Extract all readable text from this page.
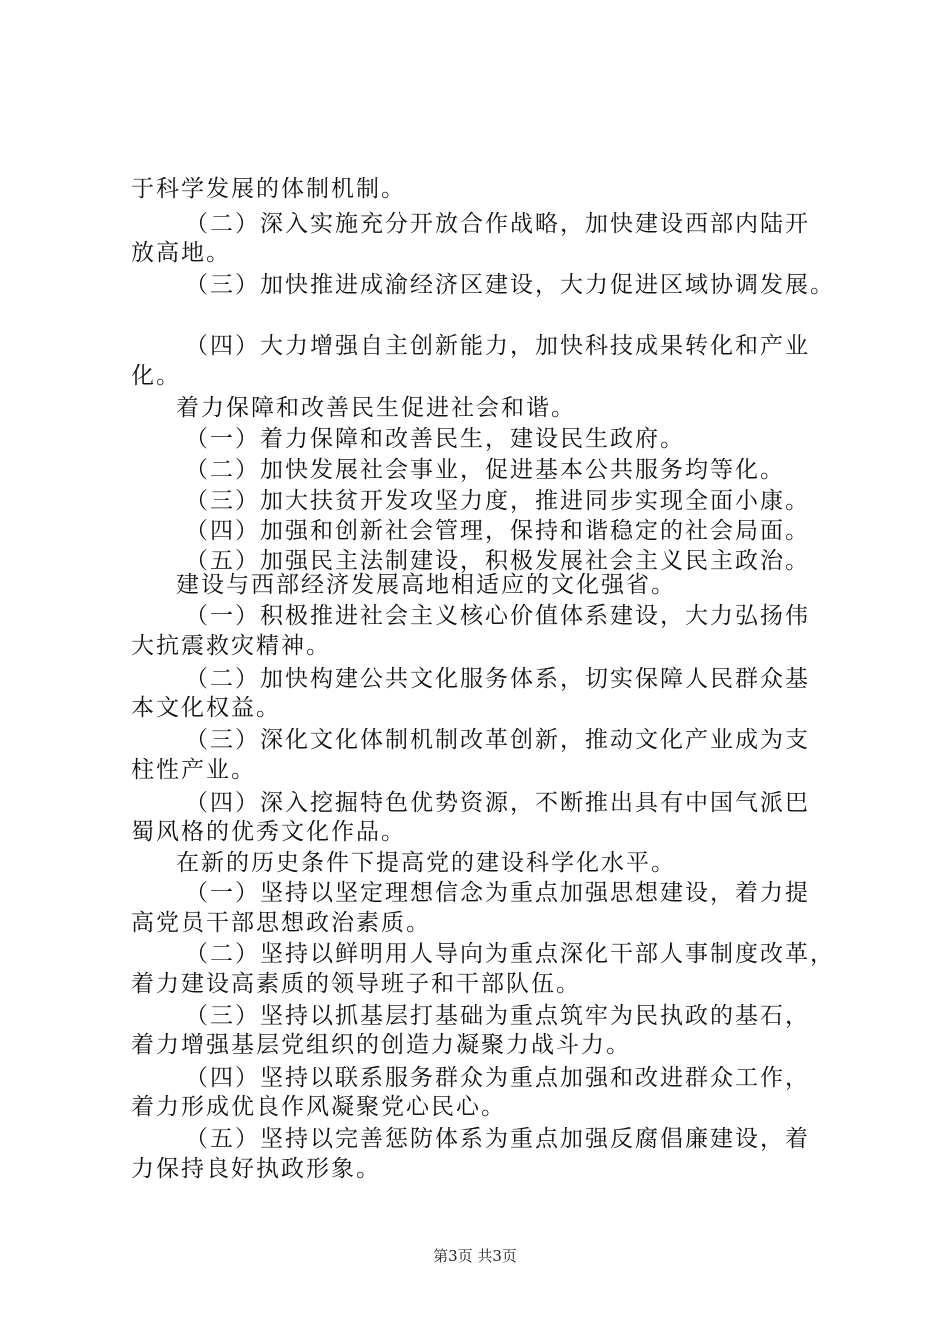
于科学发展的体制机制。
（二）深入实施充分开放合作战略，加快建设西部内陆开
放高地。
（三）加快推进成渝经济区建设，大力促进区域协调发展。
（四）大力增强自主创新能力，加快科技成果转化和产业
化。
着力保障和改善民生促进社会和谐。
（一）着力保障和改善民生，建设民生政府。
（二）加快发展社会事业，促进基本公共服务均等化。
（三）加大扶贫开发攻坚力度，推进同步实现全面小康。
（四）加强和创新社会管理，保持和谐稳定的社会局面。
（五）加强民主法制建设，积极发展社会主义民主政治。
建设与西部经济发展高地相适应的文化强省。
（一）积极推进社会主义核心价值体系建设，大力弘扬伟
大抗震救灾精神。
（二）加快构建公共文化服务体系，切实保障人民群众基
本文化权益。
（三）深化文化体制机制改革创新，推动文化产业成为支
柱性产业。
（四）深入挖掘特色优势资源，不断推出具有中国气派巴
蜀风格的优秀文化作品。
在新的历史条件下提高党的建设科学化水平。
（一）坚持以坚定理想信念为重点加强思想建设，着力提
高党员干部思想政治素质。
（二）坚持以鲜明用人导向为重点深化干部人事制度改革，
着力建设高素质的领导班子和干部队伍。
（三）坚持以抓基层打基础为重点筑牢为民执政的基石，
着力增强基层党组织的创造力凝聚力战斗力。
（四）坚持以联系服务群众为重点加强和改进群众工作，
着力形成优良作风凝聚党心民心。
（五）坚持以完善惩防体系为重点加强反腐倡廉建设，着
力保持良好执政形象。
第3页 共3页
